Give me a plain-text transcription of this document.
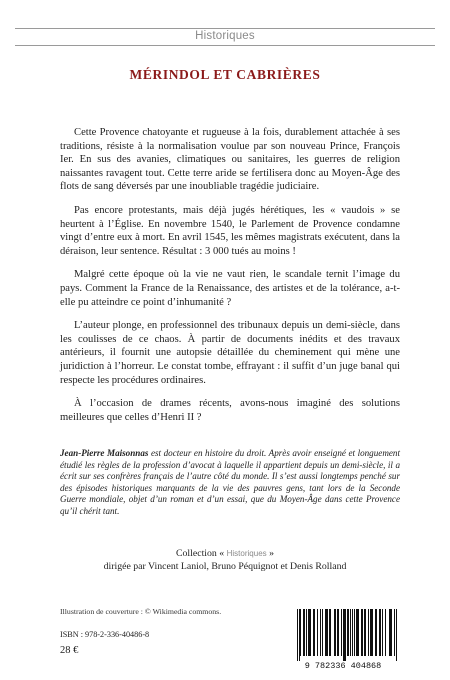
Historiques
MÉRINDOL ET CABRIÈRES

Cette Provence chatoyante et rugueuse à la fois, durablement attachée à ses traditions, résiste à la normalisation voulue par son nouveau Prince, François Ier. En sus des avanies, climatiques ou sanitaires, les guerres de religion naissantes ravagent tout. Cette terre aride se fertilisera donc au Moyen-Âge des flots de sang déversés par une inoubliable tragédie judiciaire.

Pas encore protestants, mais déjà jugés hérétiques, les « vaudois » se heurtent à l’Église. En novembre 1540, le Parlement de Provence condamne vingt d’entre eux à mort. En avril 1545, les mêmes magistrats exécutent, dans la déraison, leur sentence. Résultat : 3 000 tués au moins !

Malgré cette époque où la vie ne vaut rien, le scandale ternit l’image du pays. Comment la France de la Renaissance, des artistes et de la tolérance, a-t-elle pu atteindre ce point d’inhumanité ?

L’auteur plonge, en professionnel des tribunaux depuis un demi-siècle, dans les coulisses de ce chaos. À partir de documents inédits et des travaux antérieurs, il fournit une autopsie détaillée du cheminement qui mène une juridiction à l’horreur. Le constat tombe, effrayant : il suffit d’un juge banal qui respecte les procédures ordinaires.

À l’occasion de drames récents, avons-nous imaginé des solutions meilleures que celles d’Henri II ?

Jean-Pierre Maisonnas est docteur en histoire du droit. Après avoir enseigné et longuement étudié les règles de la profession d’avocat à laquelle il appartient depuis un demi-siècle, il a écrit sur ses confrères français de l’autre côté du monde. Il s’est aussi longtemps penché sur des épisodes historiques marquants de la vie des pauvres gens, tant lors de la Seconde Guerre mondiale, objet d’un roman et d’un essai, que du Moyen-Âge dans cette Provence qu’il chérit tant.
Collection « Historiques »
dirigée par Vincent Laniol, Bruno Péquignot et Denis Rolland
Illustration de couverture : © Wikimedia commons.
ISBN : 978-2-336-40486-8
28 €
9 782336 404868
